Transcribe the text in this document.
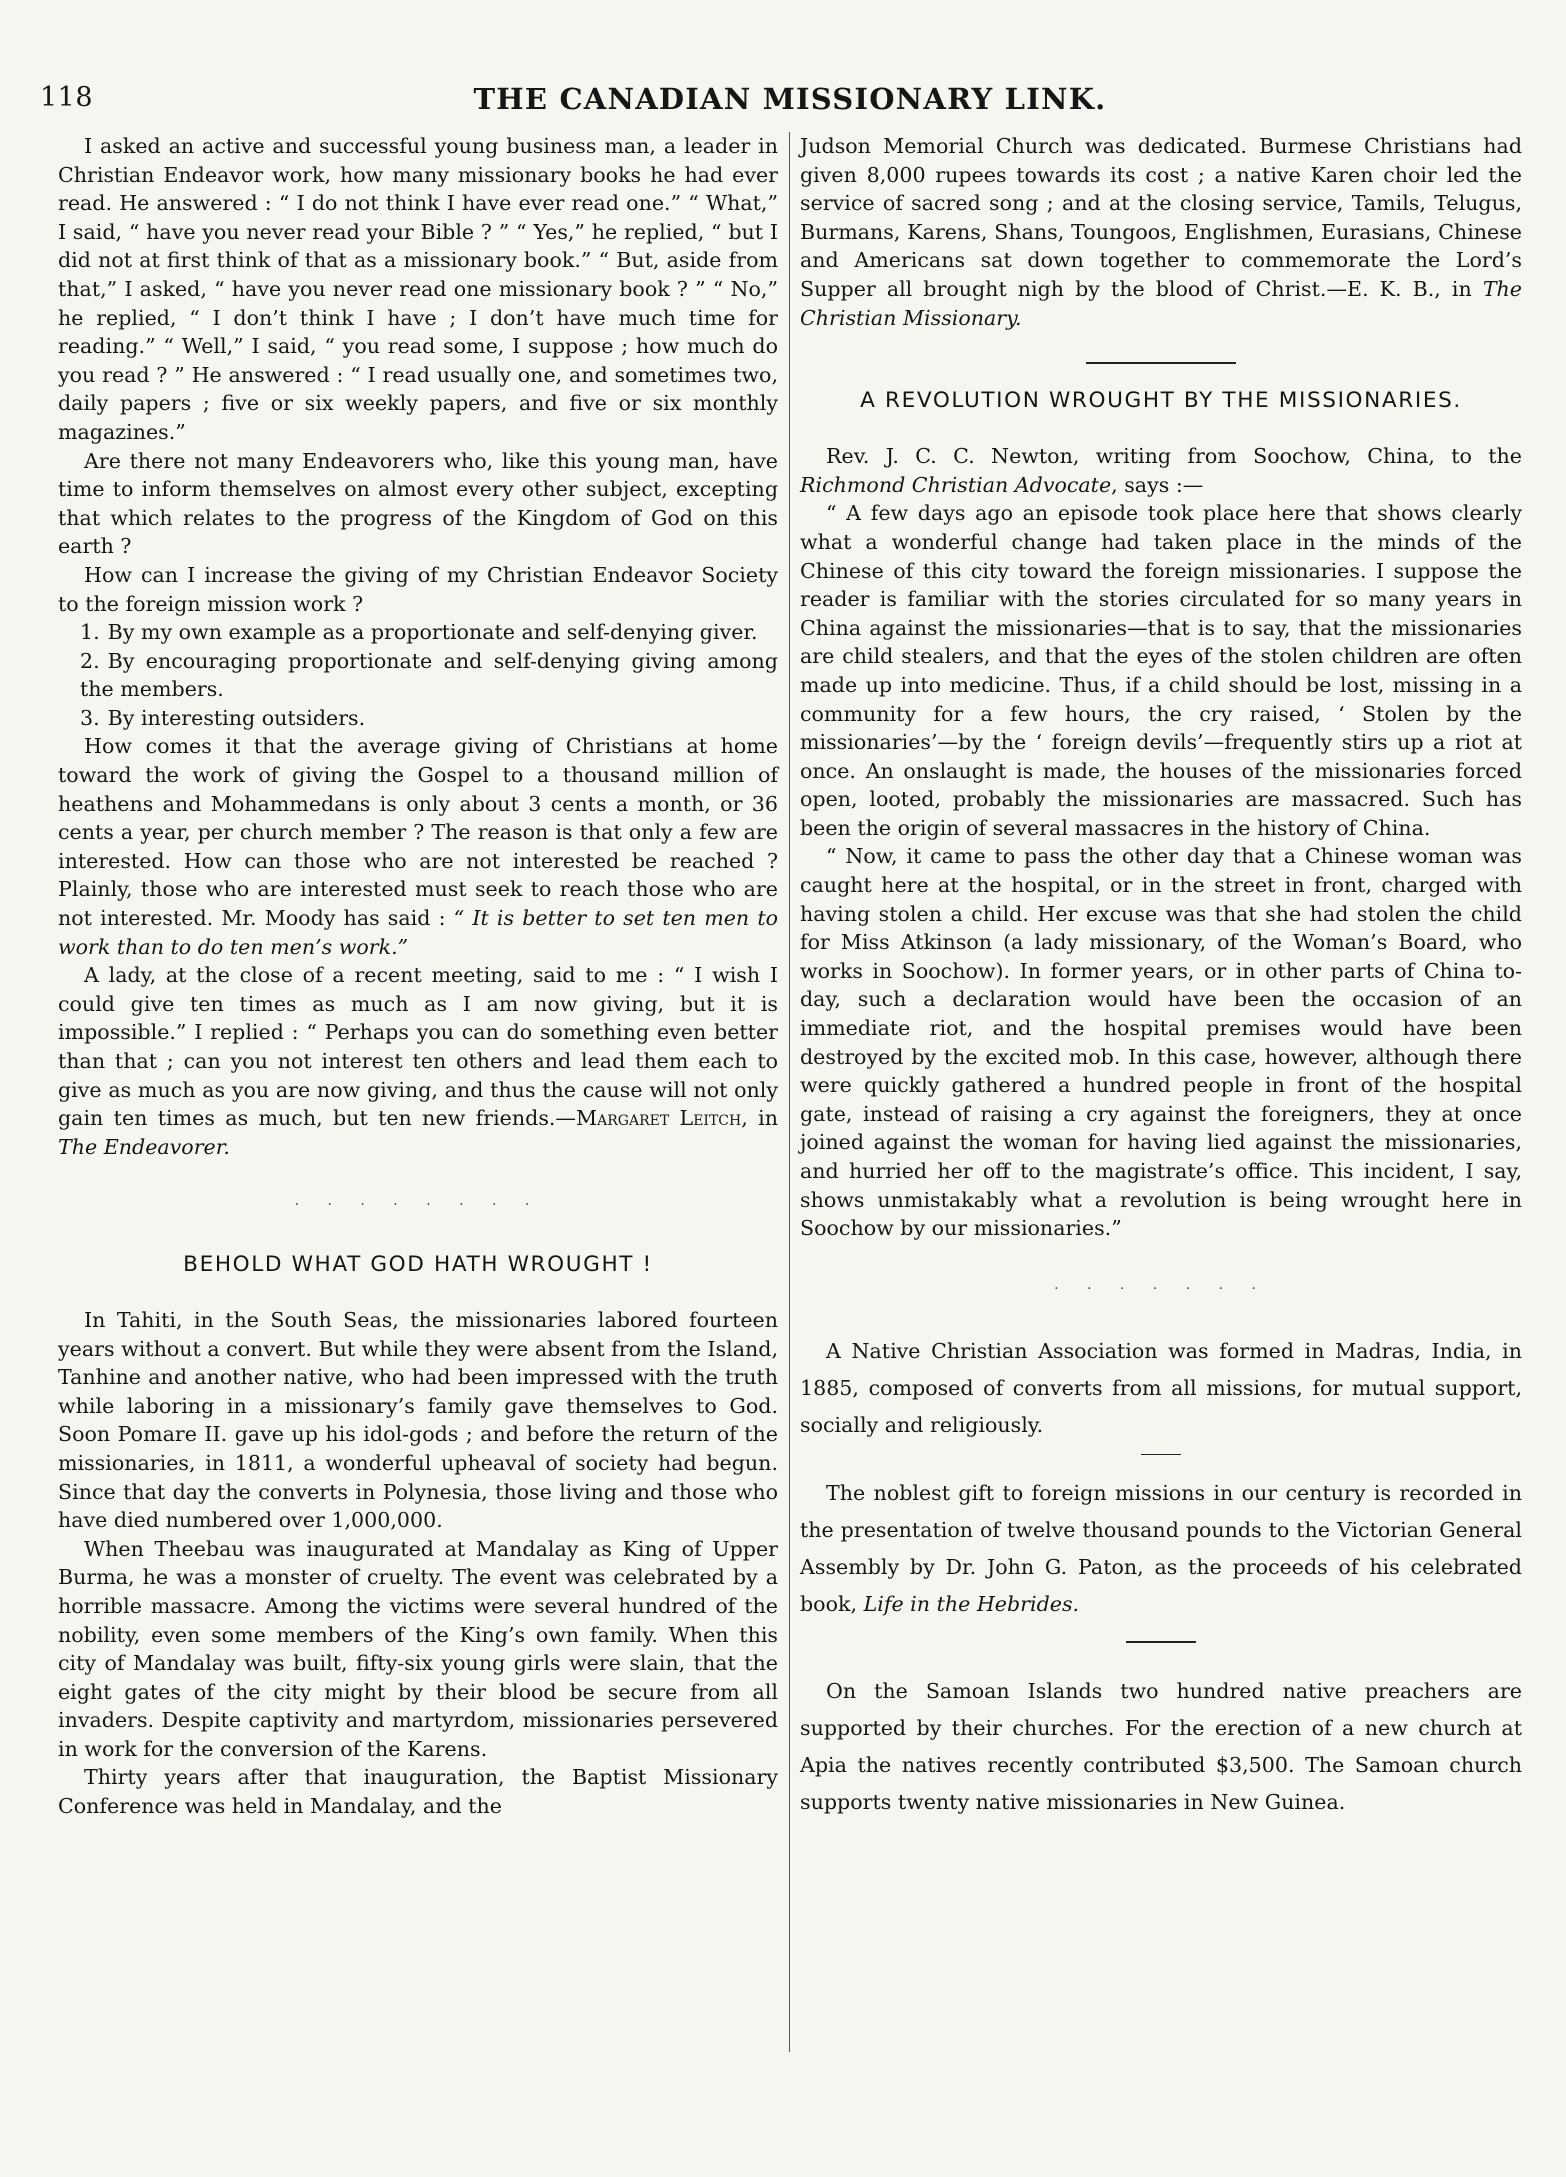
118	THE CANADIAN MISSIONARY LINK.

I asked an active and successful young business man, a leader in Christian Endeavor work, how many missionary books he had ever read. He answered : “ I do not think I have ever read one.” “ What,” I said, “ have you never read your Bible ? ” “ Yes,” he replied, “ but I did not at first think of that as a missionary book.” “ But, aside from that,” I asked, “ have you never read one missionary book ? ” “ No,” he replied, “ I don’t think I have ; I don’t have much time for reading.” “ Well,” I said, “ you read some, I suppose ; how much do you read ? ” He answered : “ I read usually one, and sometimes two, daily papers ; five or six weekly papers, and five or six monthly magazines.”

Are there not many Endeavorers who, like this young man, have time to inform themselves on almost every other subject, excepting that which relates to the progress of the Kingdom of God on this earth ?

How can I increase the giving of my Christian Endeavor Society to the foreign mission work ?

1. By my own example as a proportionate and self-denying giver.

2. By encouraging proportionate and self-denying giving among the members.

3. By interesting outsiders.

How comes it that the average giving of Christians at home toward the work of giving the Gospel to a thousand million of heathens and Mohammedans is only about 3 cents a month, or 36 cents a year, per church member ? The reason is that only a few are interested. How can those who are not interested be reached ? Plainly, those who are interested must seek to reach those who are not interested. Mr. Moody has said : “ It is better to set ten men to work than to do ten men’s work.”

A lady, at the close of a recent meeting, said to me : “ I wish I could give ten times as much as I am now giving, but it is impossible.” I replied : “ Perhaps you can do something even better than that ; can you not interest ten others and lead them each to give as much as you are now giving, and thus the cause will not only gain ten times as much, but ten new friends.—Margaret Leitch, in The Endeavorer.

· · · · · · · ·
BEHOLD WHAT GOD HATH WROUGHT !

In Tahiti, in the South Seas, the missionaries labored fourteen years without a convert. But while they were absent from the Island, Tanhine and another native, who had been impressed with the truth while laboring in a missionary’s family gave themselves to God. Soon Pomare II. gave up his idol-gods ; and before the return of the missionaries, in 1811, a wonderful upheaval of society had begun. Since that day the converts in Polynesia, those living and those who have died numbered over 1,000,000.

When Theebau was inaugurated at Mandalay as King of Upper Burma, he was a monster of cruelty. The event was celebrated by a horrible massacre. Among the victims were several hundred of the nobility, even some members of the King’s own family. When this city of Mandalay was built, fifty-six young girls were slain, that the eight gates of the city might by their blood be secure from all invaders. Despite captivity and martyrdom, missionaries persevered in work for the conversion of the Karens.

Thirty years after that inauguration, the Baptist Missionary Conference was held in Mandalay, and the

Judson Memorial Church was dedicated. Burmese Christians had given 8,000 rupees towards its cost ; a native Karen choir led the service of sacred song ; and at the closing service, Tamils, Telugus, Burmans, Karens, Shans, Toungoos, Englishmen, Eurasians, Chinese and Americans sat down together to commemorate the Lord’s Supper all brought nigh by the blood of Christ.—E. K. B., in The Christian Missionary.

A REVOLUTION WROUGHT BY THE MISSIONARIES.

Rev. J. C. C. Newton, writing from Soochow, China, to the Richmond Christian Advocate, says :—

“ A few days ago an episode took place here that shows clearly what a wonderful change had taken place in the minds of the Chinese of this city toward the foreign missionaries. I suppose the reader is familiar with the stories circulated for so many years in China against the missionaries—that is to say, that the missionaries are child stealers, and that the eyes of the stolen children are often made up into medicine. Thus, if a child should be lost, missing in a community for a few hours, the cry raised, ‘ Stolen by the missionaries’—by the ‘ foreign devils’—frequently stirs up a riot at once. An onslaught is made, the houses of the missionaries forced open, looted, probably the missionaries are massacred. Such has been the origin of several massacres in the history of China.

“ Now, it came to pass the other day that a Chinese woman was caught here at the hospital, or in the street in front, charged with having stolen a child. Her excuse was that she had stolen the child for Miss Atkinson (a lady missionary, of the Woman’s Board, who works in Soochow). In former years, or in other parts of China to-day, such a declaration would have been the occasion of an immediate riot, and the hospital premises would have been destroyed by the excited mob. In this case, however, although there were quickly gathered a hundred people in front of the hospital gate, instead of raising a cry against the foreigners, they at once joined against the woman for having lied against the missionaries, and hurried her off to the magistrate’s office. This incident, I say, shows unmistakably what a revolution is being wrought here in Soochow by our missionaries.”

· · · · · · ·

A Native Christian Association was formed in Madras, India, in 1885, composed of converts from all missions, for mutual support, socially and religiously.

The noblest gift to foreign missions in our century is recorded in the presentation of twelve thousand pounds to the Victorian General Assembly by Dr. John G. Paton, as the proceeds of his celebrated book, Life in the Hebrides.

On the Samoan Islands two hundred native preachers are supported by their churches. For the erection of a new church at Apia the natives recently contributed $3,500. The Samoan church supports twenty native missionaries in New Guinea.
